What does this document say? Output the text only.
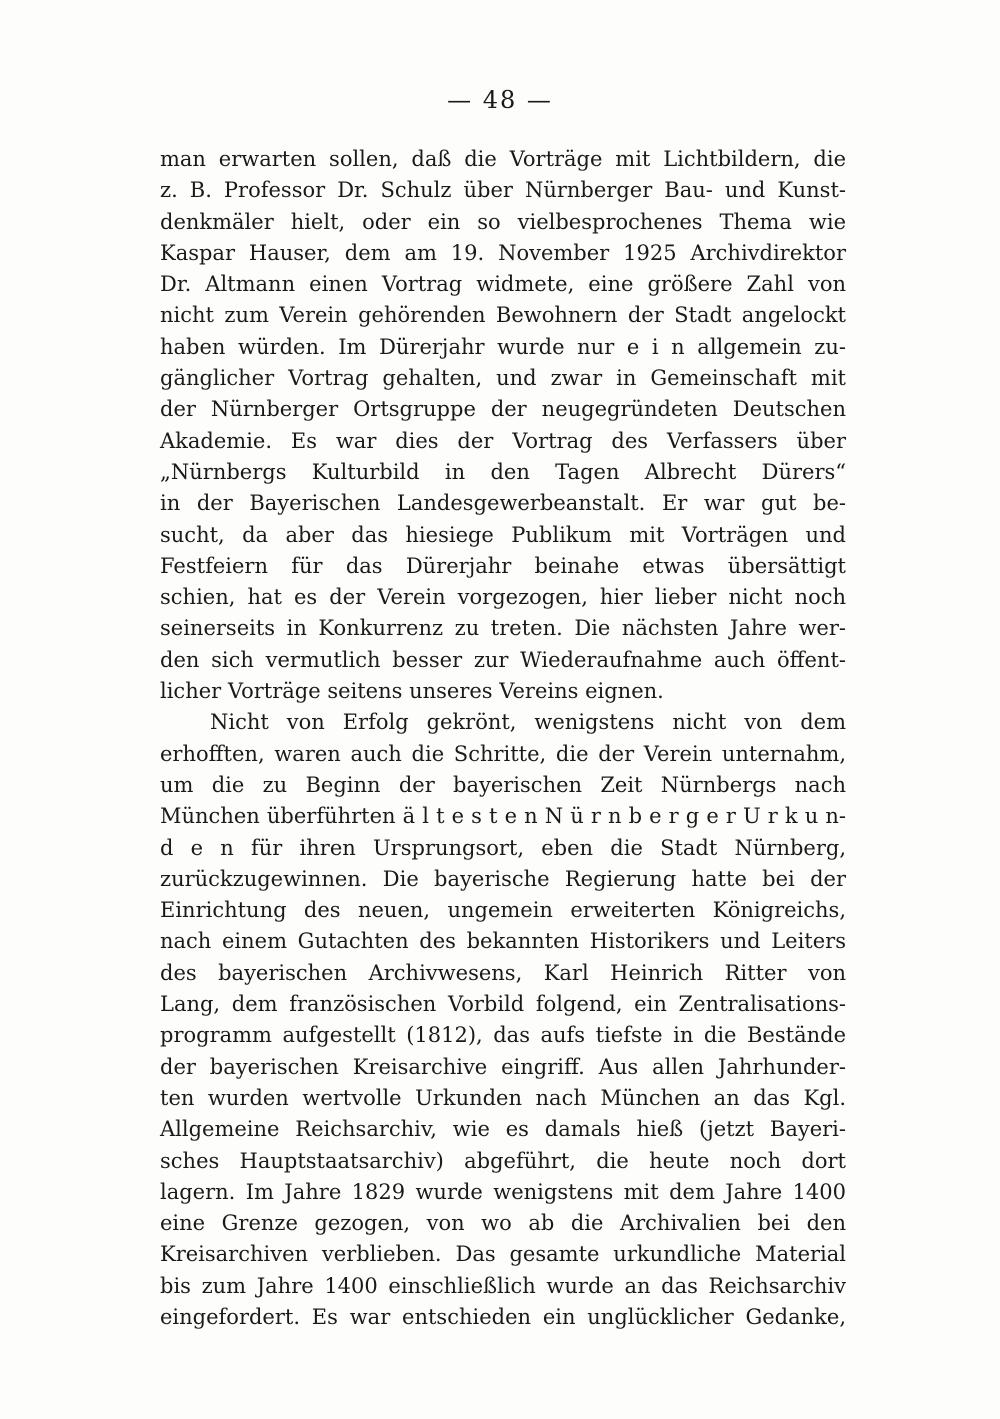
— 48 —
man erwarten sollen, daß die Vorträge mit Lichtbildern, die
z. B. Professor Dr. Schulz über Nürnberger Bau- und Kunst-
denkmäler hielt, oder ein so vielbesprochenes Thema wie
Kaspar Hauser, dem am 19. November 1925 Archivdirektor
Dr. Altmann einen Vortrag widmete, eine größere Zahl von
nicht zum Verein gehörenden Bewohnern der Stadt angelockt
haben würden. Im Dürerjahr wurde nur e i n allgemein zu-
gänglicher Vortrag gehalten, und zwar in Gemeinschaft mit
der Nürnberger Ortsgruppe der neugegründeten Deutschen
Akademie. Es war dies der Vortrag des Verfassers über
„Nürnbergs Kulturbild in den Tagen Albrecht Dürers“
in der Bayerischen Landesgewerbeanstalt. Er war gut be-
sucht, da aber das hiesiege Publikum mit Vorträgen und
Festfeiern für das Dürerjahr beinahe etwas übersättigt
schien, hat es der Verein vorgezogen, hier lieber nicht noch
seinerseits in Konkurrenz zu treten. Die nächsten Jahre wer-
den sich vermutlich besser zur Wiederaufnahme auch öffent-
licher Vorträge seitens unseres Vereins eignen.
Nicht von Erfolg gekrönt, wenigstens nicht von dem
erhofften, waren auch die Schritte, die der Verein unternahm,
um die zu Beginn der bayerischen Zeit Nürnbergs nach
München überführten ä l t e s t e n N ü r n b e r g e r U r k u n-
d e n für ihren Ursprungsort, eben die Stadt Nürnberg,
zurückzugewinnen. Die bayerische Regierung hatte bei der
Einrichtung des neuen, ungemein erweiterten Königreichs,
nach einem Gutachten des bekannten Historikers und Leiters
des bayerischen Archivwesens, Karl Heinrich Ritter von
Lang, dem französischen Vorbild folgend, ein Zentralisations-
programm aufgestellt (1812), das aufs tiefste in die Bestände
der bayerischen Kreisarchive eingriff. Aus allen Jahrhunder-
ten wurden wertvolle Urkunden nach München an das Kgl.
Allgemeine Reichsarchiv, wie es damals hieß (jetzt Bayeri-
sches Hauptstaatsarchiv) abgeführt, die heute noch dort
lagern. Im Jahre 1829 wurde wenigstens mit dem Jahre 1400
eine Grenze gezogen, von wo ab die Archivalien bei den
Kreisarchiven verblieben. Das gesamte urkundliche Material
bis zum Jahre 1400 einschließlich wurde an das Reichsarchiv
eingefordert. Es war entschieden ein unglücklicher Gedanke,
